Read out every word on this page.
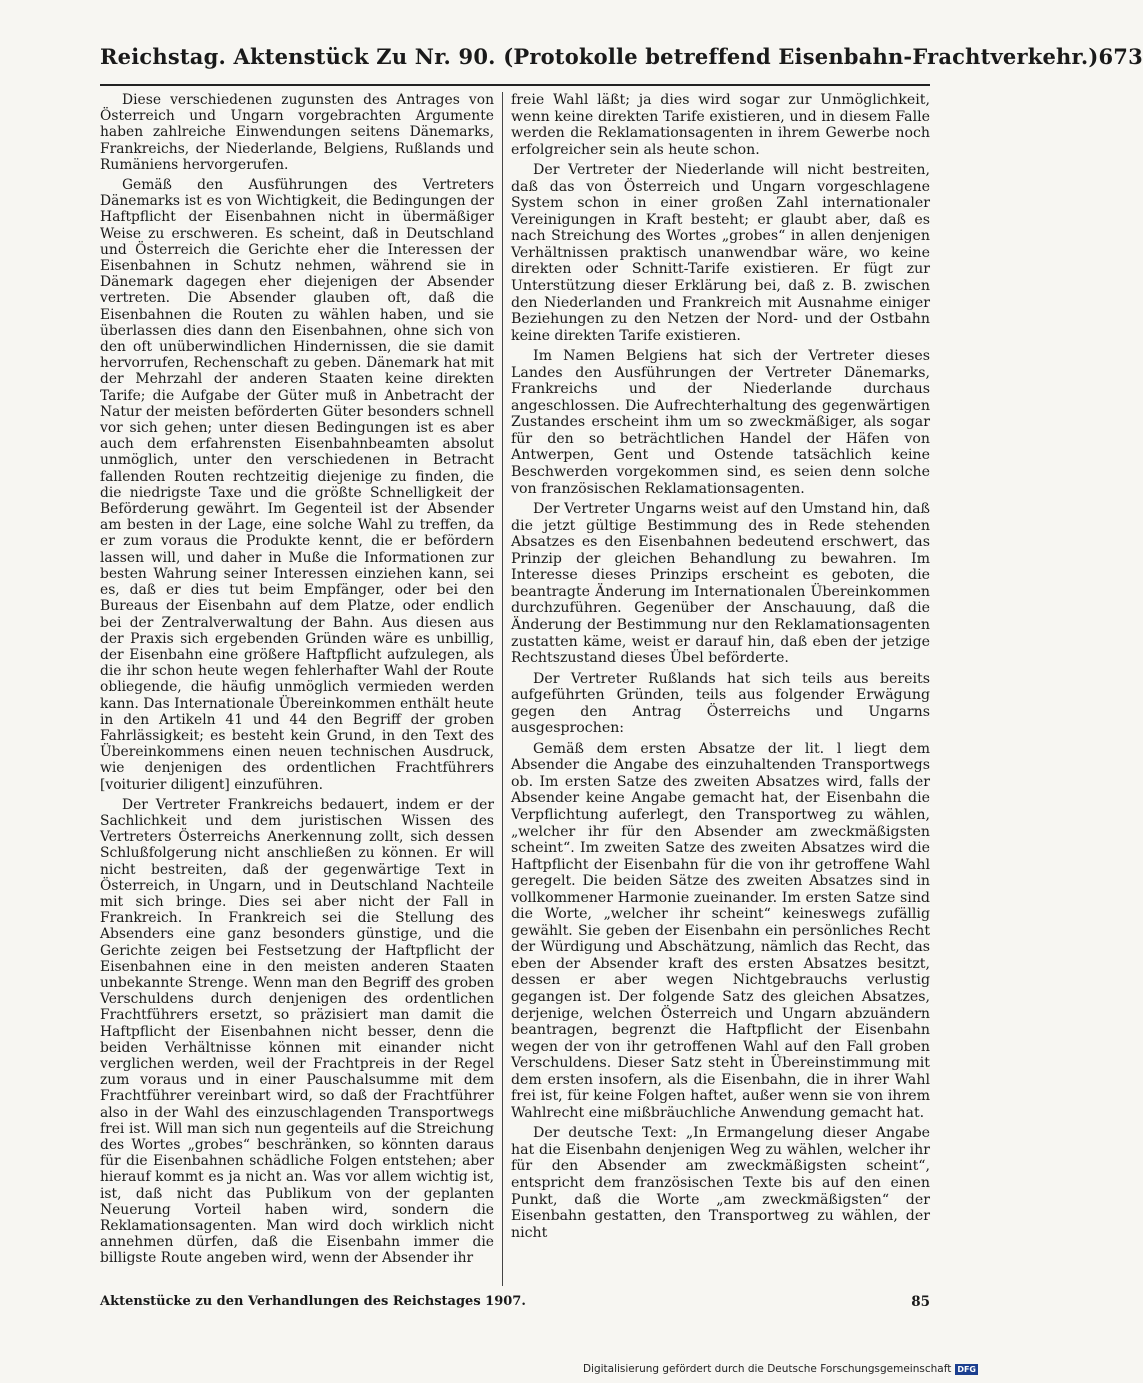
Reichstag. Aktenstück Zu Nr. 90. (Protokolle betreffend Eisenbahn-Frachtverkehr.) 673

Diese verschiedenen zugunsten des Antrages von Österreich und Ungarn vorgebrachten Argumente haben zahlreiche Einwendungen seitens Dänemarks, Frankreichs, der Niederlande, Belgiens, Rußlands und Rumäniens hervorgerufen.

Gemäß den Ausführungen des Vertreters Dänemarks ist es von Wichtigkeit, die Bedingungen der Haftpflicht der Eisenbahnen nicht in übermäßiger Weise zu erschweren. Es scheint, daß in Deutschland und Österreich die Gerichte eher die Interessen der Eisenbahnen in Schutz nehmen, während sie in Dänemark dagegen eher diejenigen der Absender vertreten. Die Absender glauben oft, daß die Eisenbahnen die Routen zu wählen haben, und sie überlassen dies dann den Eisenbahnen, ohne sich von den oft unüberwindlichen Hindernissen, die sie damit hervorrufen, Rechenschaft zu geben. Dänemark hat mit der Mehrzahl der anderen Staaten keine direkten Tarife; die Aufgabe der Güter muß in Anbetracht der Natur der meisten beförderten Güter besonders schnell vor sich gehen; unter diesen Bedingungen ist es aber auch dem erfahrensten Eisenbahnbeamten absolut unmöglich, unter den verschiedenen in Betracht fallenden Routen rechtzeitig diejenige zu finden, die die niedrigste Taxe und die größte Schnelligkeit der Beförderung gewährt. Im Gegenteil ist der Absender am besten in der Lage, eine solche Wahl zu treffen, da er zum voraus die Produkte kennt, die er befördern lassen will, und daher in Muße die Informationen zur besten Wahrung seiner Interessen einziehen kann, sei es, daß er dies tut beim Empfänger, oder bei den Bureaus der Eisenbahn auf dem Platze, oder endlich bei der Zentralverwaltung der Bahn. Aus diesen aus der Praxis sich ergebenden Gründen wäre es unbillig, der Eisenbahn eine größere Haftpflicht aufzulegen, als die ihr schon heute wegen fehlerhafter Wahl der Route obliegende, die häufig unmöglich vermieden werden kann. Das Internationale Übereinkommen enthält heute in den Artikeln 41 und 44 den Begriff der groben Fahrlässigkeit; es besteht kein Grund, in den Text des Übereinkommens einen neuen technischen Ausdruck, wie denjenigen des ordentlichen Frachtführers [voiturier diligent] einzuführen.

Der Vertreter Frankreichs bedauert, indem er der Sachlichkeit und dem juristischen Wissen des Vertreters Österreichs Anerkennung zollt, sich dessen Schlußfolgerung nicht anschließen zu können. Er will nicht bestreiten, daß der gegenwärtige Text in Österreich, in Ungarn, und in Deutschland Nachteile mit sich bringe. Dies sei aber nicht der Fall in Frankreich. In Frankreich sei die Stellung des Absenders eine ganz besonders günstige, und die Gerichte zeigen bei Festsetzung der Haftpflicht der Eisenbahnen eine in den meisten anderen Staaten unbekannte Strenge. Wenn man den Begriff des groben Verschuldens durch denjenigen des ordentlichen Frachtführers ersetzt, so präzisiert man damit die Haftpflicht der Eisenbahnen nicht besser, denn die beiden Verhältnisse können mit einander nicht verglichen werden, weil der Frachtpreis in der Regel zum voraus und in einer Pauschalsumme mit dem Frachtführer vereinbart wird, so daß der Frachtführer also in der Wahl des einzuschlagenden Transportwegs frei ist. Will man sich nun gegenteils auf die Streichung des Wortes „grobes“ beschränken, so könnten daraus für die Eisenbahnen schädliche Folgen entstehen; aber hierauf kommt es ja nicht an. Was vor allem wichtig ist, ist, daß nicht das Publikum von der geplanten Neuerung Vorteil haben wird, sondern die Reklamationsagenten. Man wird doch wirklich nicht annehmen dürfen, daß die Eisenbahn immer die billigste Route angeben wird, wenn der Absender ihr

freie Wahl läßt; ja dies wird sogar zur Unmöglichkeit, wenn keine direkten Tarife existieren, und in diesem Falle werden die Reklamationsagenten in ihrem Gewerbe noch erfolgreicher sein als heute schon.

Der Vertreter der Niederlande will nicht bestreiten, daß das von Österreich und Ungarn vorgeschlagene System schon in einer großen Zahl internationaler Vereinigungen in Kraft besteht; er glaubt aber, daß es nach Streichung des Wortes „grobes“ in allen denjenigen Verhältnissen praktisch unanwendbar wäre, wo keine direkten oder Schnitt-Tarife existieren. Er fügt zur Unterstützung dieser Erklärung bei, daß z. B. zwischen den Niederlanden und Frankreich mit Ausnahme einiger Beziehungen zu den Netzen der Nord- und der Ostbahn keine direkten Tarife existieren.

Im Namen Belgiens hat sich der Vertreter dieses Landes den Ausführungen der Vertreter Dänemarks, Frankreichs und der Niederlande durchaus angeschlossen. Die Aufrechterhaltung des gegenwärtigen Zustandes erscheint ihm um so zweckmäßiger, als sogar für den so beträchtlichen Handel der Häfen von Antwerpen, Gent und Ostende tatsächlich keine Beschwerden vorgekommen sind, es seien denn solche von französischen Reklamationsagenten.

Der Vertreter Ungarns weist auf den Umstand hin, daß die jetzt gültige Bestimmung des in Rede stehenden Absatzes es den Eisenbahnen bedeutend erschwert, das Prinzip der gleichen Behandlung zu bewahren. Im Interesse dieses Prinzips erscheint es geboten, die beantragte Änderung im Internationalen Übereinkommen durchzuführen. Gegenüber der Anschauung, daß die Änderung der Bestimmung nur den Reklamationsagenten zustatten käme, weist er darauf hin, daß eben der jetzige Rechtszustand dieses Übel beförderte.

Der Vertreter Rußlands hat sich teils aus bereits aufgeführten Gründen, teils aus folgender Erwägung gegen den Antrag Österreichs und Ungarns ausgesprochen:

Gemäß dem ersten Absatze der lit. l liegt dem Absender die Angabe des einzuhaltenden Transportwegs ob. Im ersten Satze des zweiten Absatzes wird, falls der Absender keine Angabe gemacht hat, der Eisenbahn die Verpflichtung auferlegt, den Transportweg zu wählen, „welcher ihr für den Absender am zweckmäßigsten scheint“. Im zweiten Satze des zweiten Absatzes wird die Haftpflicht der Eisenbahn für die von ihr getroffene Wahl geregelt. Die beiden Sätze des zweiten Absatzes sind in vollkommener Harmonie zueinander. Im ersten Satze sind die Worte, „welcher ihr scheint“ keineswegs zufällig gewählt. Sie geben der Eisenbahn ein persönliches Recht der Würdigung und Abschätzung, nämlich das Recht, das eben der Absender kraft des ersten Absatzes besitzt, dessen er aber wegen Nichtgebrauchs verlustig gegangen ist. Der folgende Satz des gleichen Absatzes, derjenige, welchen Österreich und Ungarn abzuändern beantragen, begrenzt die Haftpflicht der Eisenbahn wegen der von ihr getroffenen Wahl auf den Fall groben Verschuldens. Dieser Satz steht in Übereinstimmung mit dem ersten insofern, als die Eisenbahn, die in ihrer Wahl frei ist, für keine Folgen haftet, außer wenn sie von ihrem Wahlrecht eine mißbräuchliche Anwendung gemacht hat.

Der deutsche Text: „In Ermangelung dieser Angabe hat die Eisenbahn denjenigen Weg zu wählen, welcher ihr für den Absender am zweckmäßigsten scheint“, entspricht dem französischen Texte bis auf den einen Punkt, daß die Worte „am zweckmäßigsten“ der Eisenbahn gestatten, den Transportweg zu wählen, der nicht

Aktenstücke zu den Verhandlungen des Reichstages 1907.	85
Digitalisierung gefördert durch die Deutsche Forschungsgemeinschaft DFG
